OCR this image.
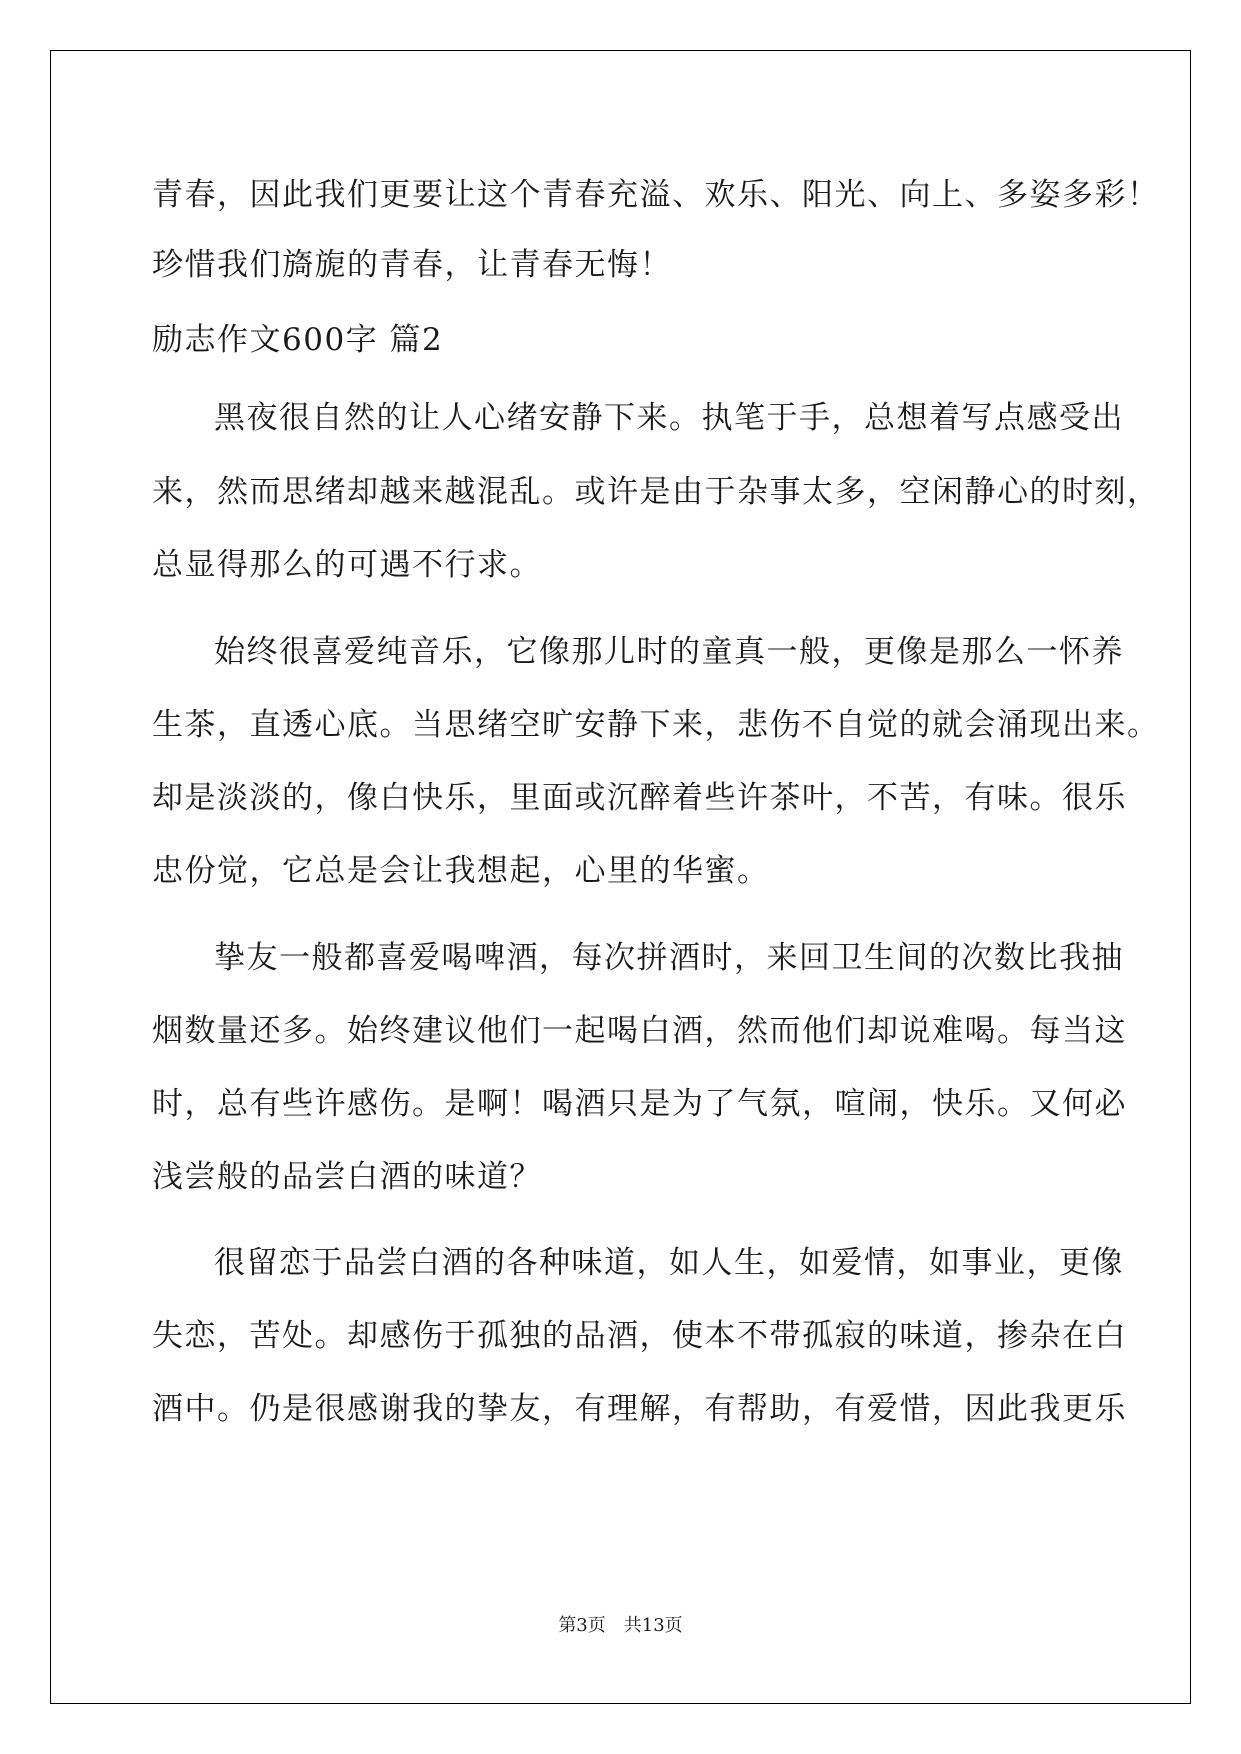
青春，因此我们更要让这个青春充溢、欢乐、阳光、向上、多姿多彩！
珍惜我们旖旎的青春，让青春无悔！
励志作文600字 篇2
黑夜很自然的让人心绪安静下来。执笔于手，总想着写点感受出
来，然而思绪却越来越混乱。或许是由于杂事太多，空闲静心的时刻，
总显得那么的可遇不行求。
始终很喜爱纯音乐，它像那儿时的童真一般，更像是那么一怀养
生茶，直透心底。当思绪空旷安静下来，悲伤不自觉的就会涌现出来。
却是淡淡的，像白快乐，里面或沉醉着些许茶叶，不苦，有味。很乐
忠份觉，它总是会让我想起，心里的华蜜。
挚友一般都喜爱喝啤酒，每次拼酒时，来回卫生间的次数比我抽
烟数量还多。始终建议他们一起喝白酒，然而他们却说难喝。每当这
时，总有些许感伤。是啊！喝酒只是为了气氛，喧闹，快乐。又何必
浅尝般的品尝白酒的味道？
很留恋于品尝白酒的各种味道，如人生，如爱情，如事业，更像
失恋，苦处。却感伤于孤独的品酒，使本不带孤寂的味道，掺杂在白
酒中。仍是很感谢我的挚友，有理解，有帮助，有爱惜，因此我更乐
第3页　共13页
